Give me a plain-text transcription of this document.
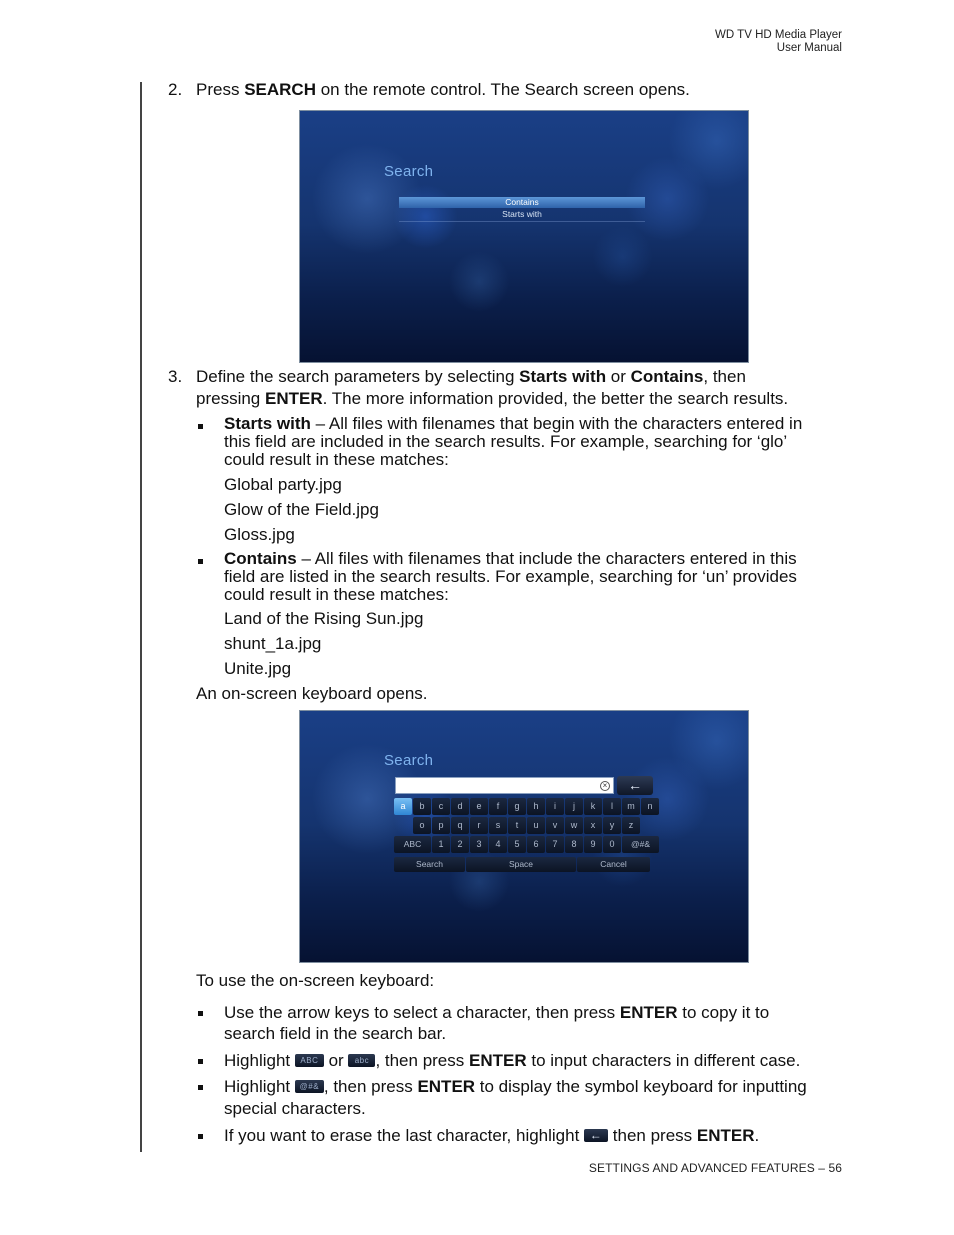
WD TV HD Media Player
User Manual
2. Press SEARCH on the remote control. The Search screen opens.
Search
Contains
Starts with
3. Define the search parameters by selecting Starts with or Contains, then
pressing ENTER. The more information provided, the better the search results.
Starts with – All files with filenames that begin with the characters entered in
this field are included in the search results. For example, searching for ‘glo’
could result in these matches:
Global party.jpg
Glow of the Field.jpg
Gloss.jpg
Contains – All files with filenames that include the characters entered in this
field are listed in the search results. For example, searching for ‘un’ provides
could result in these matches:
Land of the Rising Sun.jpg
shunt_1a.jpg
Unite.jpg
An on-screen keyboard opens.
Search
×	←
a	b	c	d	e	f	g	h	i	j	k	l	m	n
o	p	q	r	s	t	u	v	w	x	y	z
ABC	1	2	3	4	5	6	7	8	9	0	@#&
Search	Space	Cancel
To use the on-screen keyboard:
Use the arrow keys to select a character, then press ENTER to copy it to
search field in the search bar.
Highlight ABC or abc , then press ENTER to input characters in different case.
Highlight @#& , then press ENTER to display the symbol keyboard for inputting
special characters.
If you want to erase the last character, highlight ← then press ENTER.
SETTINGS AND ADVANCED FEATURES – 56
